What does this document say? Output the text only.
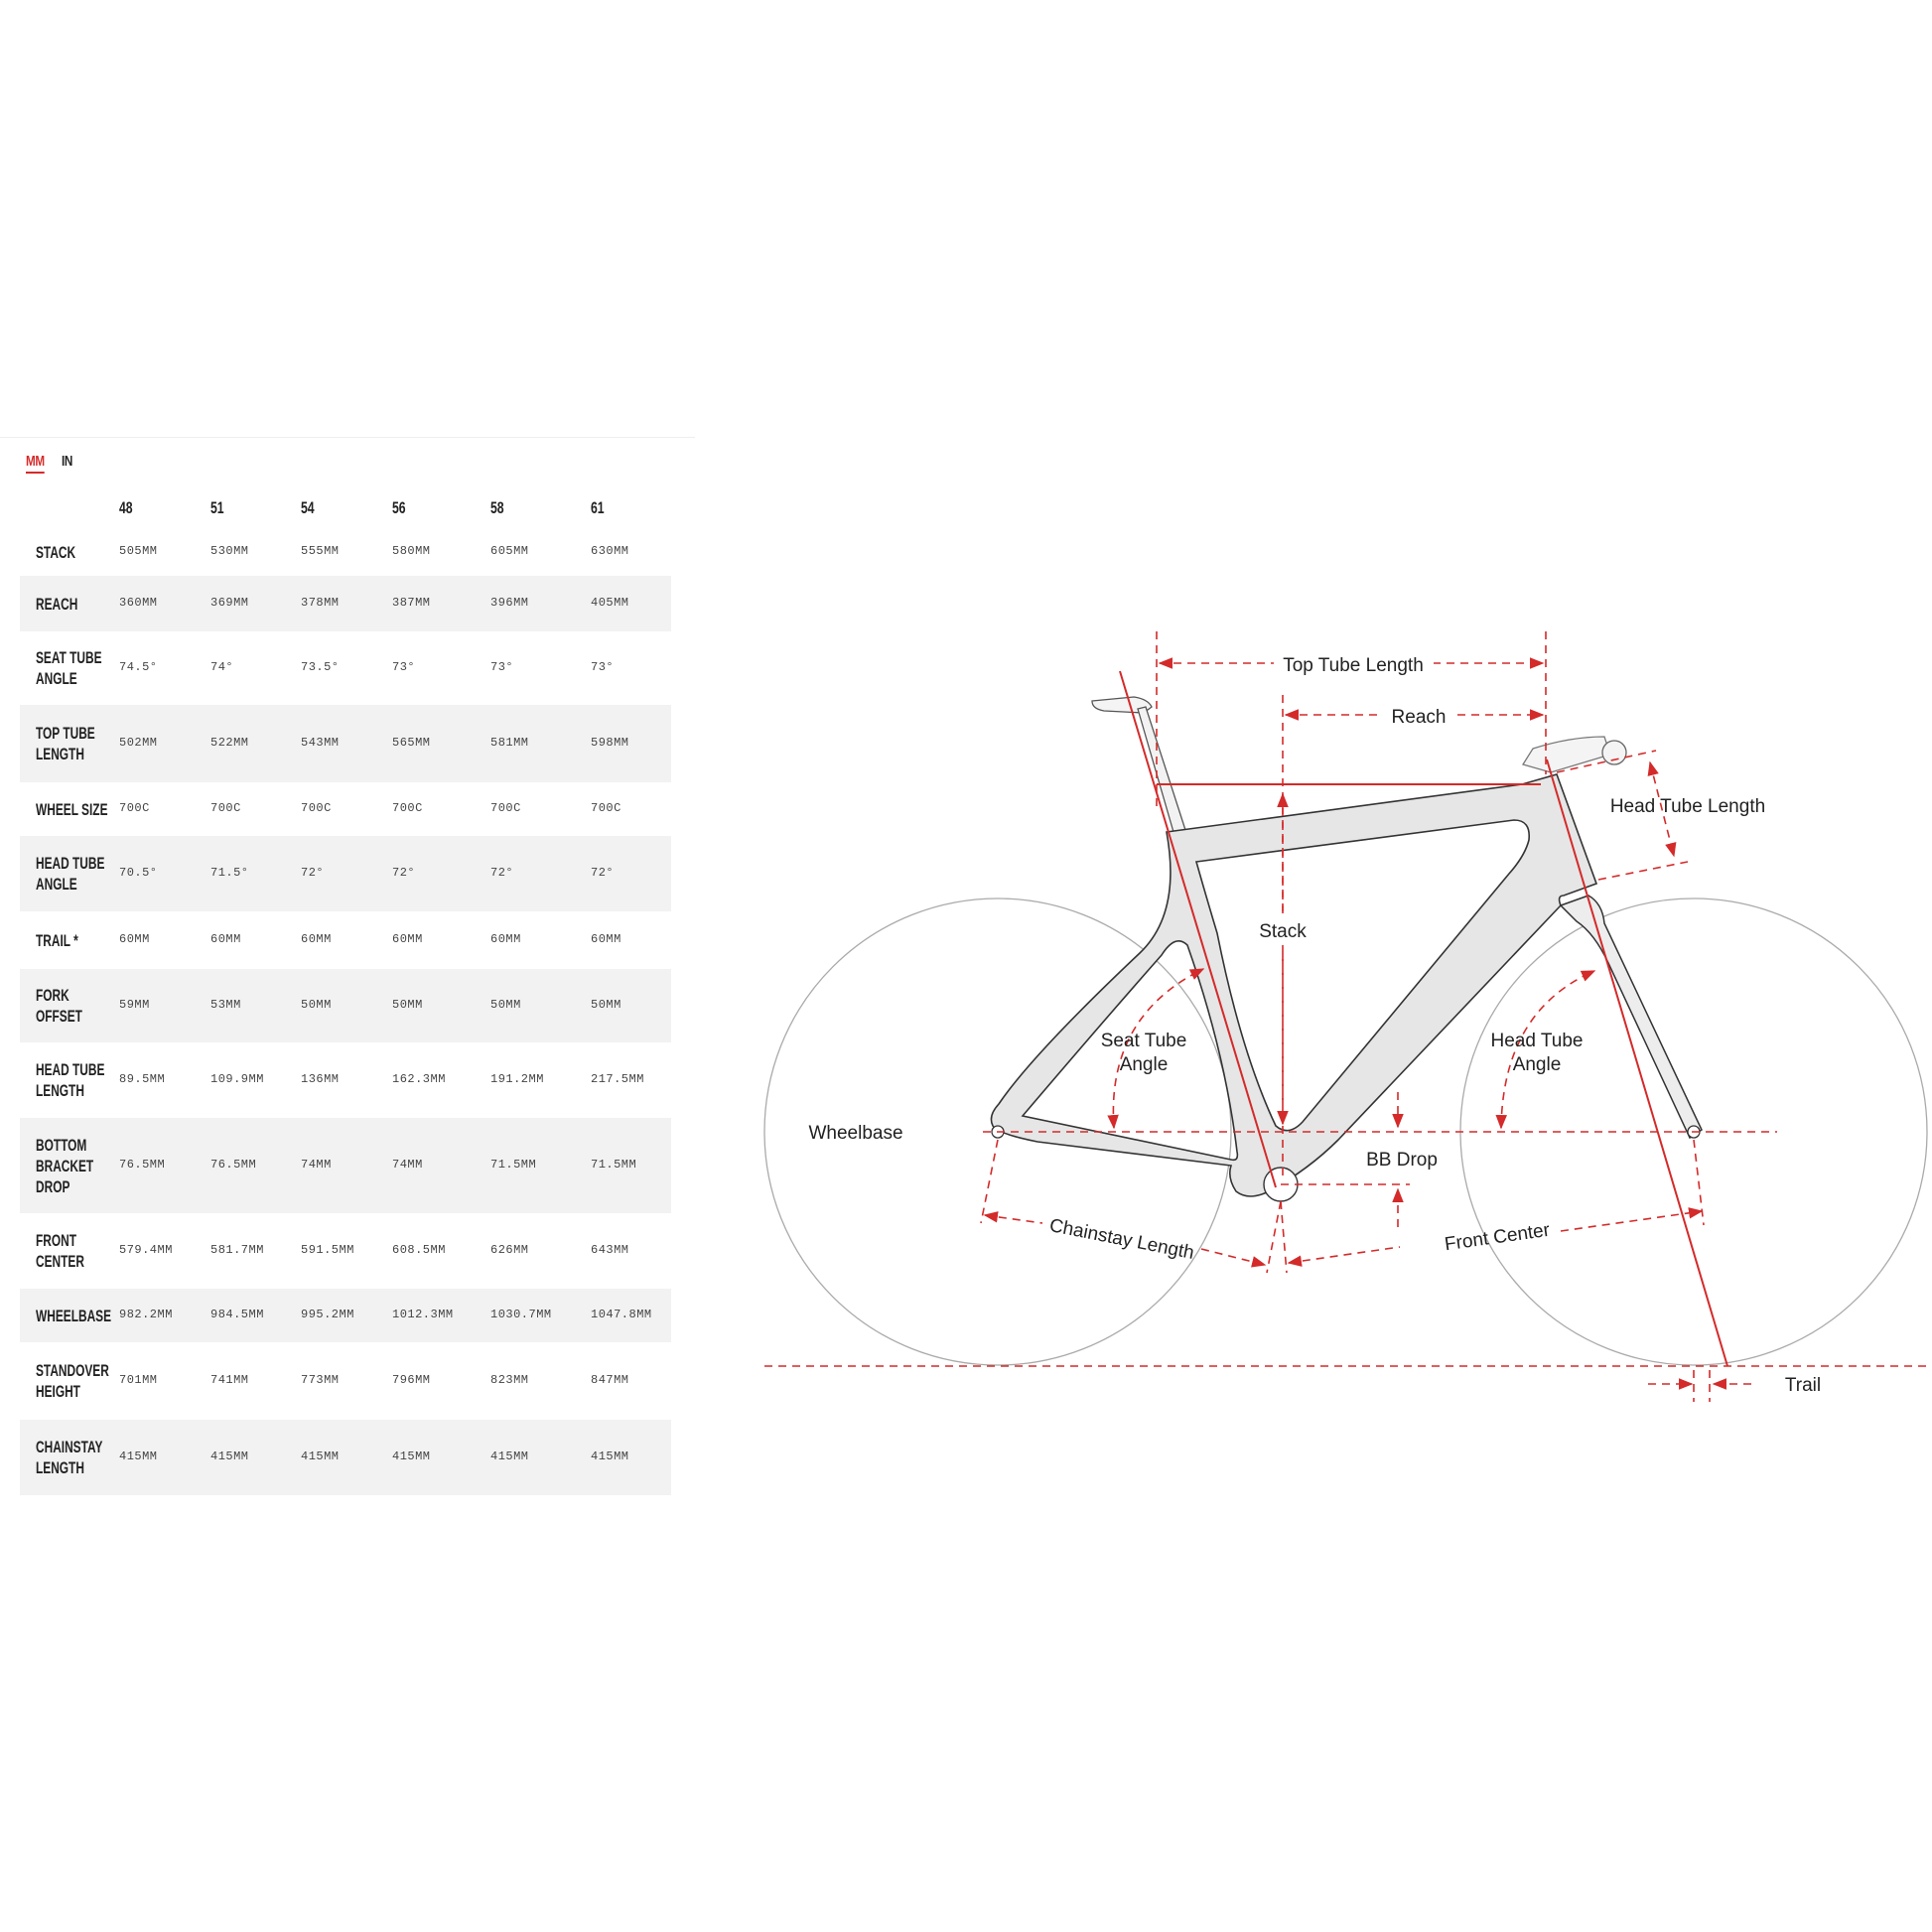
MM IN
48	51	54	56	58	61
STACK	505MM	530MM	555MM	580MM	605MM	630MM
REACH	360MM	369MM	378MM	387MM	396MM	405MM
SEAT TUBE
ANGLE
74.5°	74°	73.5°	73°	73°	73°
TOP TUBE
LENGTH
502MM	522MM	543MM	565MM	581MM	598MM
WHEEL SIZE 700C	700C	700C	700C	700C	700C
HEAD TUBE
ANGLE
70.5°	71.5°	72°	72°	72°	72°
TRAIL *	60MM	60MM	60MM	60MM	60MM	60MM
FORK
OFFSET
59MM	53MM	50MM	50MM	50MM	50MM
HEAD TUBE
LENGTH
89.5MM	109.9MM	136MM	162.3MM	191.2MM	217.5MM
BOTTOM
BRACKET
DROP
76.5MM	76.5MM	74MM	74MM	71.5MM	71.5MM
FRONT
CENTER
579.4MM	581.7MM	591.5MM	608.5MM	626MM	643MM
WHEELBASE 982.2MM	984.5MM	995.2MM	1012.3MM	1030.7MM	1047.8MM
STANDOVER
HEIGHT
701MM	741MM	773MM	796MM	823MM	847MM
CHAINSTAY
LENGTH
415MM	415MM	415MM	415MM	415MM	415MM
Top Tube Length
Reach
Head Tube Length
Stack
Seat Tube
Angle
Head Tube
Angle
Wheelbase
BB Drop
Chainstay Length	Front Center
Trail
